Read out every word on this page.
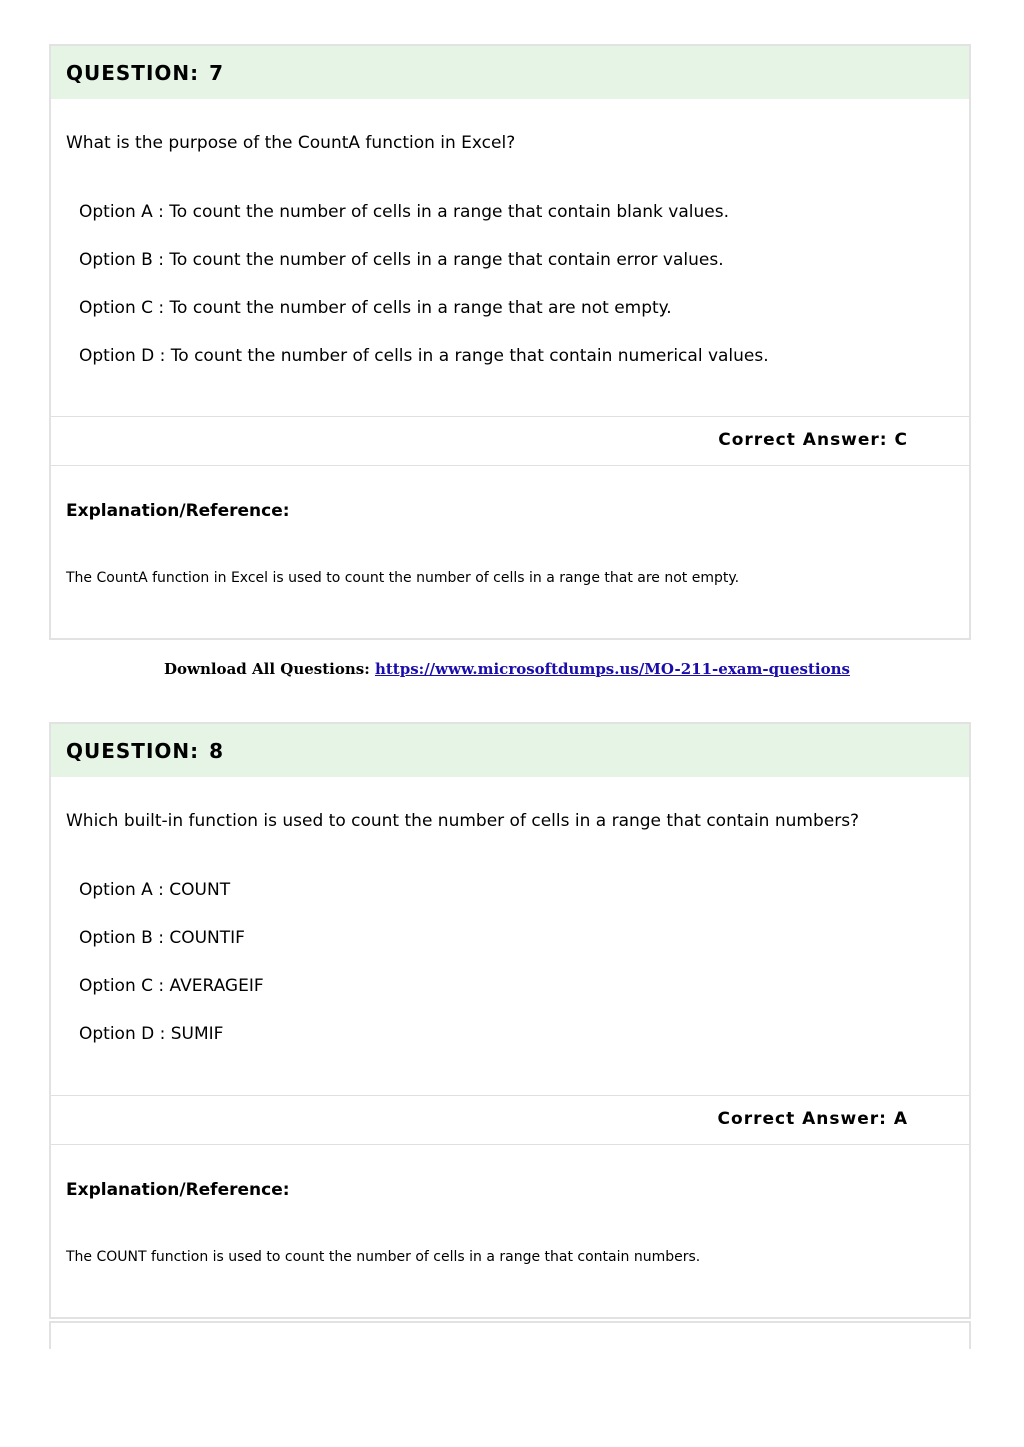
QUESTION: 7
What is the purpose of the CountA function in Excel?
Option A : To count the number of cells in a range that contain blank values.
Option B : To count the number of cells in a range that contain error values.
Option C : To count the number of cells in a range that are not empty.
Option D : To count the number of cells in a range that contain numerical values.
Correct Answer: C
Explanation/Reference:
The CountA function in Excel is used to count the number of cells in a range that are not empty.
Download All Questions: https://www.microsoftdumps.us/MO-211-exam-questions
QUESTION: 8
Which built-in function is used to count the number of cells in a range that contain numbers?
Option A : COUNT
Option B : COUNTIF
Option C : AVERAGEIF
Option D : SUMIF
Correct Answer: A
Explanation/Reference:
The COUNT function is used to count the number of cells in a range that contain numbers.
